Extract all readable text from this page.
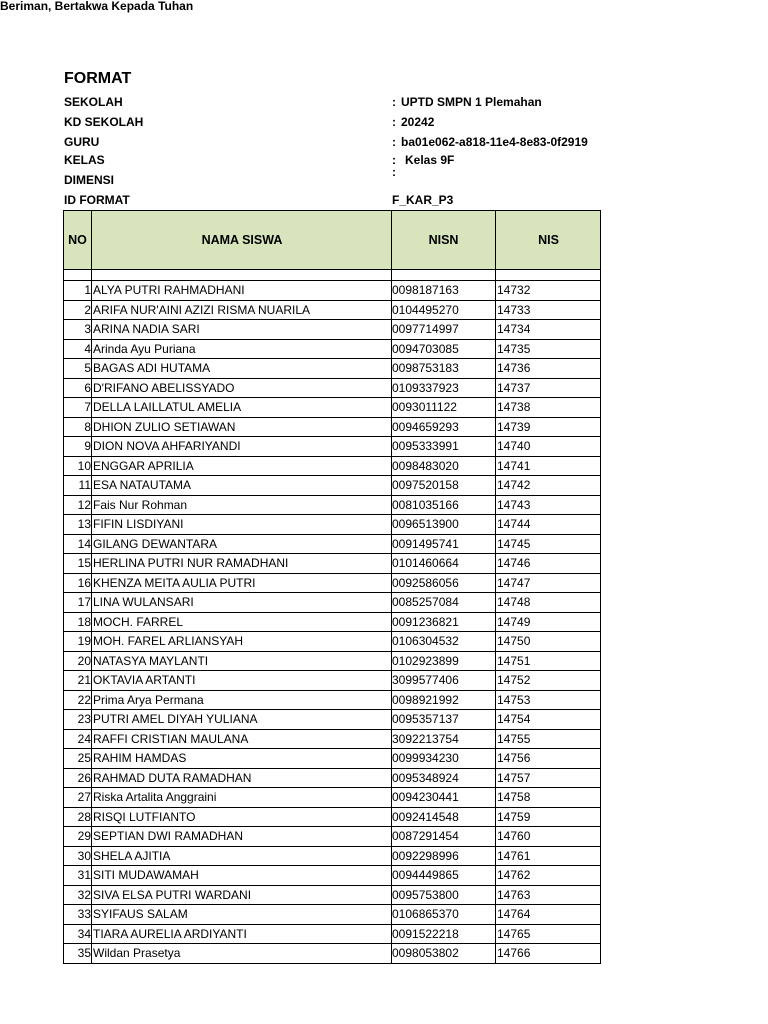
FORMAT
SEKOLAH	: UPTD SMPN 1 Plemahan
KD SEKOLAH	: 20242
GURU	: ba01e062-a818-11e4-8e83-0f2919
KELAS	: Kelas 9F
DIMENSI
:
Beriman, Bertakwa Kepada Tuhan
ID FORMAT	F_KAR_P3
NO	NAMA SISWA	NISN	NIS

1	ALYA PUTRI RAHMADHANI	0098187163	14732
2	ARIFA NUR'AINI AZIZI RISMA NUARILA	0104495270	14733
3	ARINA NADIA SARI	0097714997	14734
4	Arinda Ayu Puriana	0094703085	14735
5	BAGAS ADI HUTAMA	0098753183	14736
6	D'RIFANO ABELISSYADO	0109337923	14737
7	DELLA LAILLATUL AMELIA	0093011122	14738
8	DHION ZULIO SETIAWAN	0094659293	14739
9	DION NOVA AHFARIYANDI	0095333991	14740
10	ENGGAR APRILIA	0098483020	14741
11	ESA NATAUTAMA	0097520158	14742
12	Fais Nur Rohman	0081035166	14743
13	FIFIN LISDIYANI	0096513900	14744
14	GILANG DEWANTARA	0091495741	14745
15	HERLINA PUTRI NUR RAMADHANI	0101460664	14746
16	KHENZA MEITA AULIA PUTRI	0092586056	14747
17	LINA WULANSARI	0085257084	14748
18	MOCH. FARREL	0091236821	14749
19	MOH. FAREL ARLIANSYAH	0106304532	14750
20	NATASYA MAYLANTI	0102923899	14751
21	OKTAVIA ARTANTI	3099577406	14752
22	Prima Arya Permana	0098921992	14753
23	PUTRI AMEL DIYAH YULIANA	0095357137	14754
24	RAFFI CRISTIAN MAULANA	3092213754	14755
25	RAHIM HAMDAS	0099934230	14756
26	RAHMAD DUTA RAMADHAN	0095348924	14757
27	Riska Artalita Anggraini	0094230441	14758
28	RISQI LUTFIANTO	0092414548	14759
29	SEPTIAN DWI RAMADHAN	0087291454	14760
30	SHELA AJITIA	0092298996	14761
31	SITI MUDAWAMAH	0094449865	14762
32	SIVA ELSA PUTRI WARDANI	0095753800	14763
33	SYIFAUS SALAM	0106865370	14764
34	TIARA AURELIA ARDIYANTI	0091522218	14765
35	Wildan Prasetya	0098053802	14766
